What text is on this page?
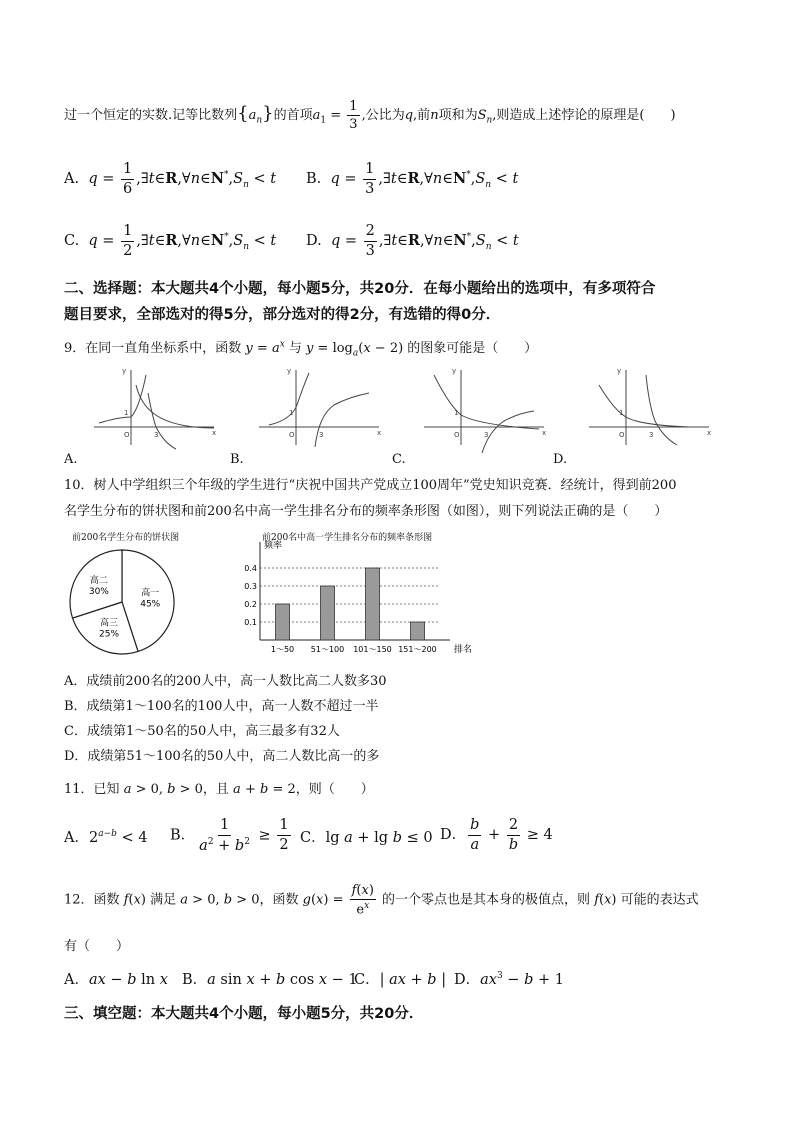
过一个恒定的实数.记等比数列$\{a_n\}$的首项$a_1 = \frac{1}{3}$ ,公比为q,前n项和为$S_n$,则造成上述悖论的原理是(　　)
A.  $q = \frac{1}{6}$ $,\exists t\in R,\forall n\in N^*,S_n < t$ B.  $q = \frac{1}{3}$ $,\exists t\in R,\forall n\in N^*,S_n < t$
C.  $q = \frac{1}{2}$ $,\exists t\in R,\forall n\in N^*,S_n < t$ D.  $q = \frac{2}{3}$ $,\exists t\in R,\forall n\in N^*,S_n < t$
二、选择题：本大题共4个小题，每小题5分，共20分．在每小题给出的选项中，有多项符合
题目要求，全部选对的得5分，部分选对的得2分，有选错的得0分．
9．在同一直角坐标系中，函数 $y = a^x$ 与 $y = \log_a(x - 2)$ 的图象可能是（　　）
y
1
O	3	x
y
1
O	3	x
y
1
O	3	x
y
1
O	3	x
A.	B.	C.	D.
10．树人中学组织三个年级的学生进行“庆祝中国共产党成立100周年”党史知识竞赛．经统计，得到前200
名学生分布的饼状图和前200名中高一学生排名分布的频率条形图（如图），则下列说法正确的是（　　）
前200名学生分布的饼状图
高一
45%
高三
25%
高二
30%
前200名中高一学生排名分布的频率条形图
频率
排名
0.1
0.2
0.3
0.4
1～50 51～100 101～150 151～200
A．成绩前200名的200人中，高一人数比高二人数多30
B．成绩第1～100名的100人中，高一人数不超过一半
C．成绩第1～50名的50人中，高三最多有32人
D．成绩第51～100名的50人中，高二人数比高一的多
11．已知 a > 0, b > 0，且 a + b = 2，则（　　）
A．$2^{a-b} < 4$ B． $\frac{1}{a^2 + b^2} \ge \frac{1}{2}$ C．lg a + lg b ≤ 0 D． $\frac{b}{a} + \frac{2}{b} \ge 4$
12．函数 f(x) 满足 a > 0, b > 0，函数 $g(x) = \frac{f(x)}{e^x}$ 的一个零点也是其本身的极值点，则 f(x) 可能的表达式
有（　　）
A．ax − b ln x B．a sin x + b cos x − 1
C．| ax + b | D．$ax^3 - b + 1$
三、填空题：本大题共4个小题，每小题5分，共20分．
